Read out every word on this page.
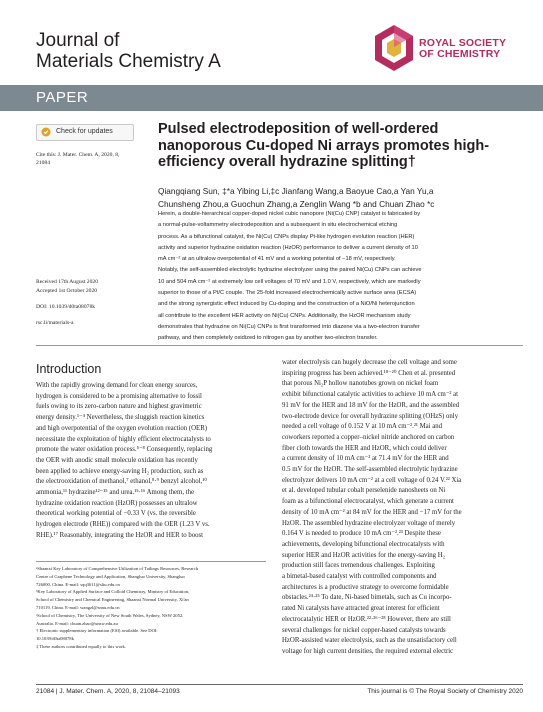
Journal of
Materials Chemistry A
ROYAL SOCIETY
OF CHEMISTRY
PAPER
Check for updates
Cite this: J. Mater. Chem. A, 2020, 8,
21084
Pulsed electrodeposition of well-ordered
nanoporous Cu-doped Ni arrays promotes high-
efficiency overall hydrazine splitting†
Qiangqiang Sun, ‡*a Yibing Li,‡c Jianfang Wang,a Baoyue Cao,a Yan Yu,a
Chunsheng Zhou,a Guochun Zhang,a Zenglin Wang *b and Chuan Zhao *c
Herein, a double-hierarchical copper-doped nickel cubic nanopore (Ni(Cu) CNP) catalyst is fabricated by
a normal-pulse-voltammetry electrodeposition and a subsequent in situ electrochemical etching
process. As a bifunctional catalyst, the Ni(Cu) CNPs display Pt-like hydrogen evolution reaction (HER)
activity and superior hydrazine oxidation reaction (HzOR) performance to deliver a current density of 10
mA cm⁻² at an ultralow overpotential of 41 mV and a working potential of −18 mV, respectively.
Notably, the self-assembled electrolytic hydrazine electrolyzer using the paired Ni(Cu) CNPs can achieve
10 and 504 mA cm⁻² at extremely low cell voltages of 70 mV and 1.0 V, respectively, which are markedly
superior to those of a Pt/C couple. The 25-fold increased electrochemically active surface area (ECSA)
and the strong synergistic effect induced by Cu-doping and the construction of a NiO/Ni heterojunction
all contribute to the excellent HER activity on Ni(Cu) CNPs. Additionally, the HzOR mechanism study
demonstrates that hydrazine on Ni(Cu) CNPs is first transformed into diazene via a two-electron transfer
pathway, and then completely oxidized to nitrogen gas by another two-electron transfer.
Received 17th August 2020
Accepted 1st October 2020
DOI: 10.1039/d0ta08078k
rsc.li/materials-a
Introduction
With the rapidly growing demand for clean energy sources,
hydrogen is considered to be a promising alternative to fossil
fuels owing to its zero-carbon nature and highest gravimetric
energy density.¹⁻⁴ Nevertheless, the sluggish reaction kinetics
and high overpotential of the oxygen evolution reaction (OER)
necessitate the exploitation of highly efficient electrocatalysts to
promote the water oxidation process.⁵⁻⁸ Consequently, replacing
the OER with anodic small molecule oxidation has recently
been applied to achieve energy-saving H₂ production, such as
the electrooxidation of methanol,⁷ ethanol,⁸·⁹ benzyl alcohol,¹⁰
ammonia,¹¹ hydrazine¹²⁻¹⁵ and urea.¹⁵·¹⁶ Among them, the
hydrazine oxidation reaction (HzOR) possesses an ultralow
theoretical working potential of −0.33 V (vs. the reversible
hydrogen electrode (RHE)) compared with the OER (1.23 V vs.
RHE).¹⁷ Reasonably, integrating the HzOR and HER to boost
ᵃShaanxi Key Laboratory of Comprehensive Utilization of Tailings Resources, Research
Centre of Graphene Technology and Application, Shangluo University, Shangluo
726000, China. E-mail: sqq3611@sltu.edu.cn
ᵇKey Laboratory of Applied Surface and Colloid Chemistry, Ministry of Education,
School of Chemistry and Chemical Engineering, Shaanxi Normal University, Xi'an
710119, China. E-mail: wangzl@snnu.edu.cn
ᶜSchool of Chemistry, The University of New South Wales, Sydney, NSW 2052,
Australia. E-mail: chuan.zhao@unsw.edu.au
† Electronic supplementary information (ESI) available. See DOI:
10.1039/d0ta08078k
‡ These authors contributed equally to this work.
water electrolysis can hugely decrease the cell voltage and some
inspiring progress has been achieved.¹⁸⁻²⁰ Chen et al. presented
that porous Ni₂P hollow nanotubes grown on nickel foam
exhibit bifunctional catalytic activities to achieve 10 mA cm⁻² at
91 mV for the HER and 18 mV for the HzOR, and the assembled
two-electrode device for overall hydrazine splitting (OHzS) only
needed a cell voltage of 0.152 V at 10 mA cm⁻².²¹ Mai and
coworkers reported a copper–nickel nitride anchored on carbon
fiber cloth towards the HER and HzOR, which could deliver
a current density of 10 mA cm⁻² at 71.4 mV for the HER and
0.5 mV for the HzOR. The self-assembled electrolytic hydrazine
electrolyzer delivers 10 mA cm⁻² at a cell voltage of 0.24 V.²² Xia
et al. developed tubular cobalt perselenide nanosheets on Ni
foam as a bifunctional electrocatalyst, which generate a current
density of 10 mA cm⁻² at 84 mV for the HER and −17 mV for the
HzOR. The assembled hydrazine electrolyzer voltage of merely
0.164 V is needed to produce 10 mA cm⁻².²³ Despite these
achievements, developing bifunctional electrocatalysts with
superior HER and HzOR activities for the energy-saving H₂
production still faces tremendous challenges. Exploiting
a bimetal-based catalyst with controlled components and
architectures is a productive strategy to overcome formidable
obstacles.²⁴·²⁵ To date, Ni-based bimetals, such as Cu incorpo-
rated Ni catalysts have attracted great interest for efficient
electrocatalytic HER or HzOR.²²·²⁶⁻²⁸ However, there are still
several challenges for nickel copper-based catalysts towards
HzOR-assisted water electrolysis, such as the unsatisfactory cell
voltage for high current densities, the required external electric
21084 | J. Mater. Chem. A, 2020, 8, 21084–21093	This journal is © The Royal Society of Chemistry 2020
